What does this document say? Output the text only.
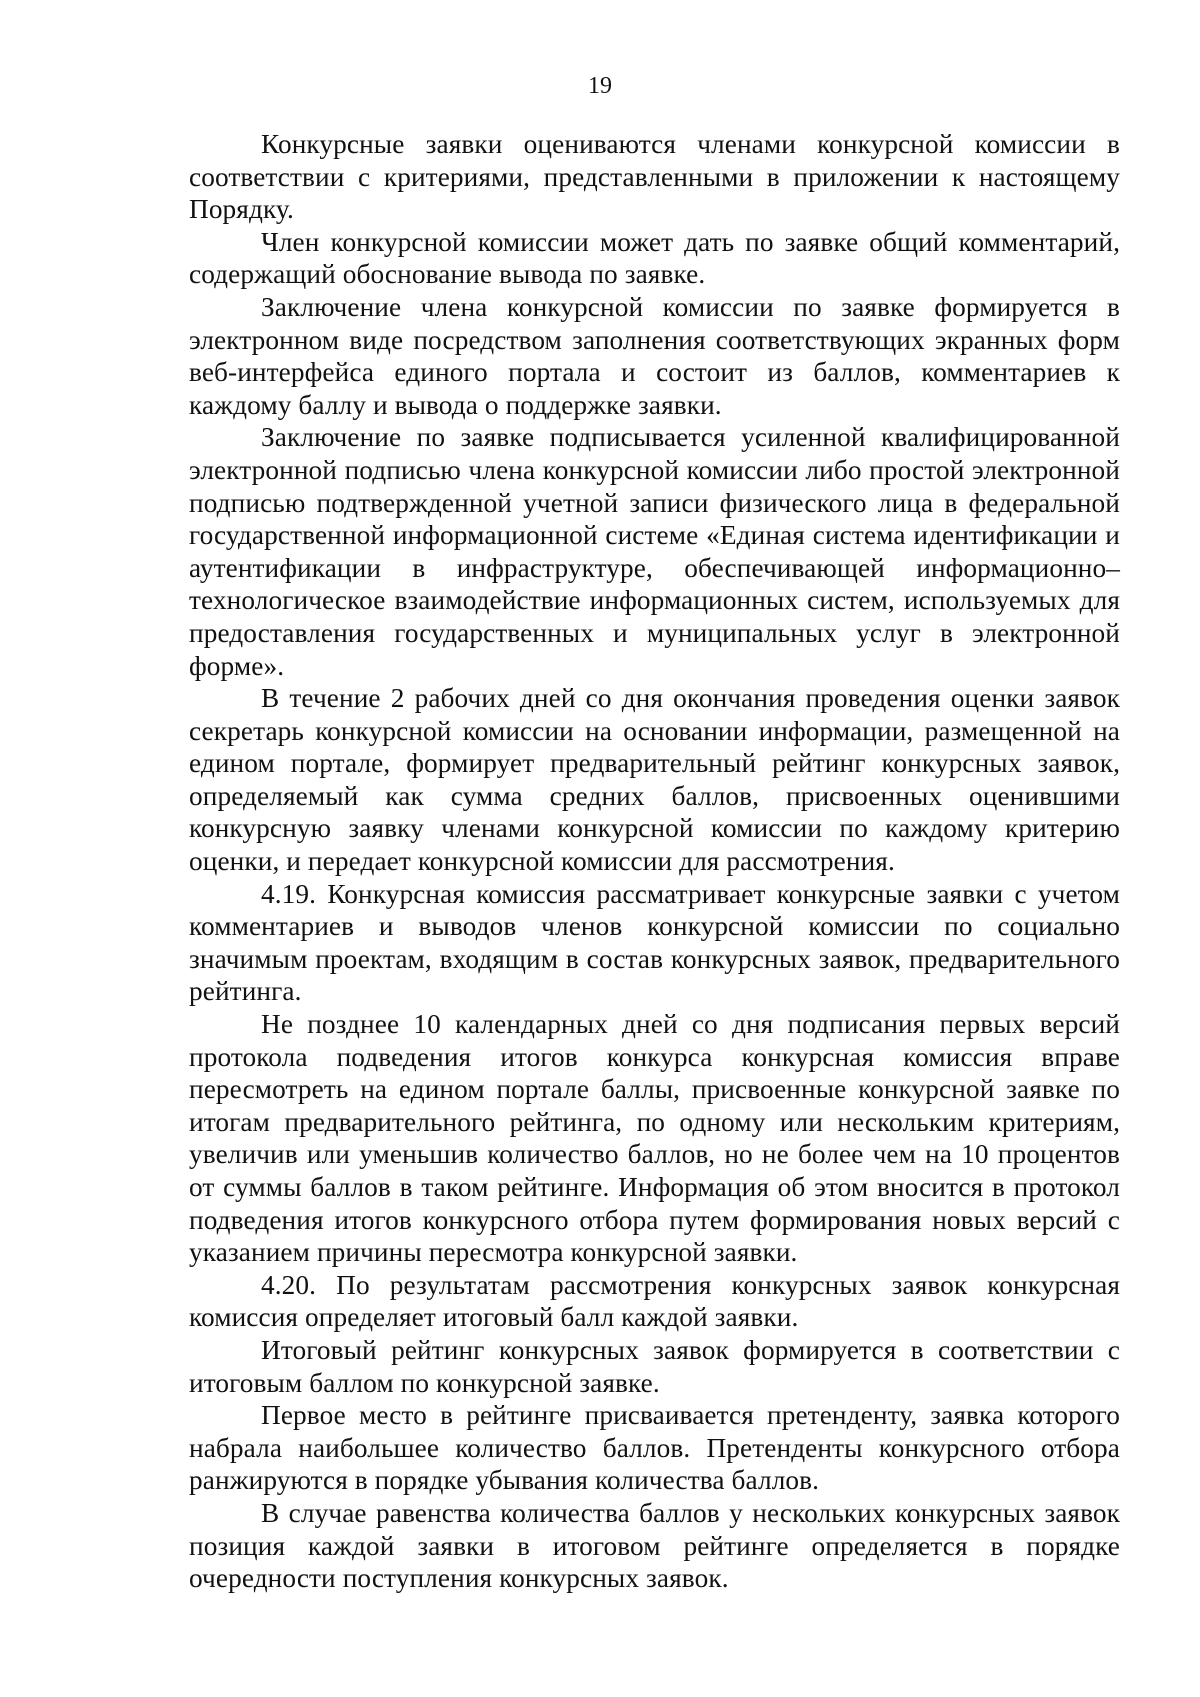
19

Конкурсные заявки оцениваются членами конкурсной комиссии в соответствии с критериями, представленными в приложении к настоящему Порядку.

Член конкурсной комиссии может дать по заявке общий комментарий, содержащий обоснование вывода по заявке.

Заключение члена конкурсной комиссии по заявке формируется в электронном виде посредством заполнения соответствующих экранных форм веб-интерфейса единого портала и состоит из баллов, комментариев к каждому баллу и вывода о поддержке заявки.

Заключение по заявке подписывается усиленной квалифицированной электронной подписью члена конкурсной комиссии либо простой электронной подписью подтвержденной учетной записи физического лица в федеральной государственной информационной системе «Единая система идентификации и аутентификации в инфраструктуре, обеспечивающей информационно–технологическое взаимодействие информационных систем, используемых для предоставления государственных и муниципальных услуг в электронной форме».

В течение 2 рабочих дней со дня окончания проведения оценки заявок секретарь конкурсной комиссии на основании информации, размещенной на едином портале, формирует предварительный рейтинг конкурсных заявок, определяемый как сумма средних баллов, присвоенных оценившими конкурсную заявку членами конкурсной комиссии по каждому критерию оценки, и передает конкурсной комиссии для рассмотрения.

4.19. Конкурсная комиссия рассматривает конкурсные заявки с учетом комментариев и выводов членов конкурсной комиссии по социально значимым проектам, входящим в состав конкурсных заявок, предварительного рейтинга.

Не позднее 10 календарных дней со дня подписания первых версий протокола подведения итогов конкурса конкурсная комиссия вправе пересмотреть на едином портале баллы, присвоенные конкурсной заявке по итогам предварительного рейтинга, по одному или нескольким критериям, увеличив или уменьшив количество баллов, но не более чем на 10 процентов от суммы баллов в таком рейтинге. Информация об этом вносится в протокол подведения итогов конкурсного отбора путем формирования новых версий с указанием причины пересмотра конкурсной заявки.

4.20. По результатам рассмотрения конкурсных заявок конкурсная комиссия определяет итоговый балл каждой заявки.

Итоговый рейтинг конкурсных заявок формируется в соответствии с итоговым баллом по конкурсной заявке.

Первое место в рейтинге присваивается претенденту, заявка которого набрала наибольшее количество баллов. Претенденты конкурсного отбора ранжируются в порядке убывания количества баллов.

В случае равенства количества баллов у нескольких конкурсных заявок позиция каждой заявки в итоговом рейтинге определяется в порядке очередности поступления конкурсных заявок.
